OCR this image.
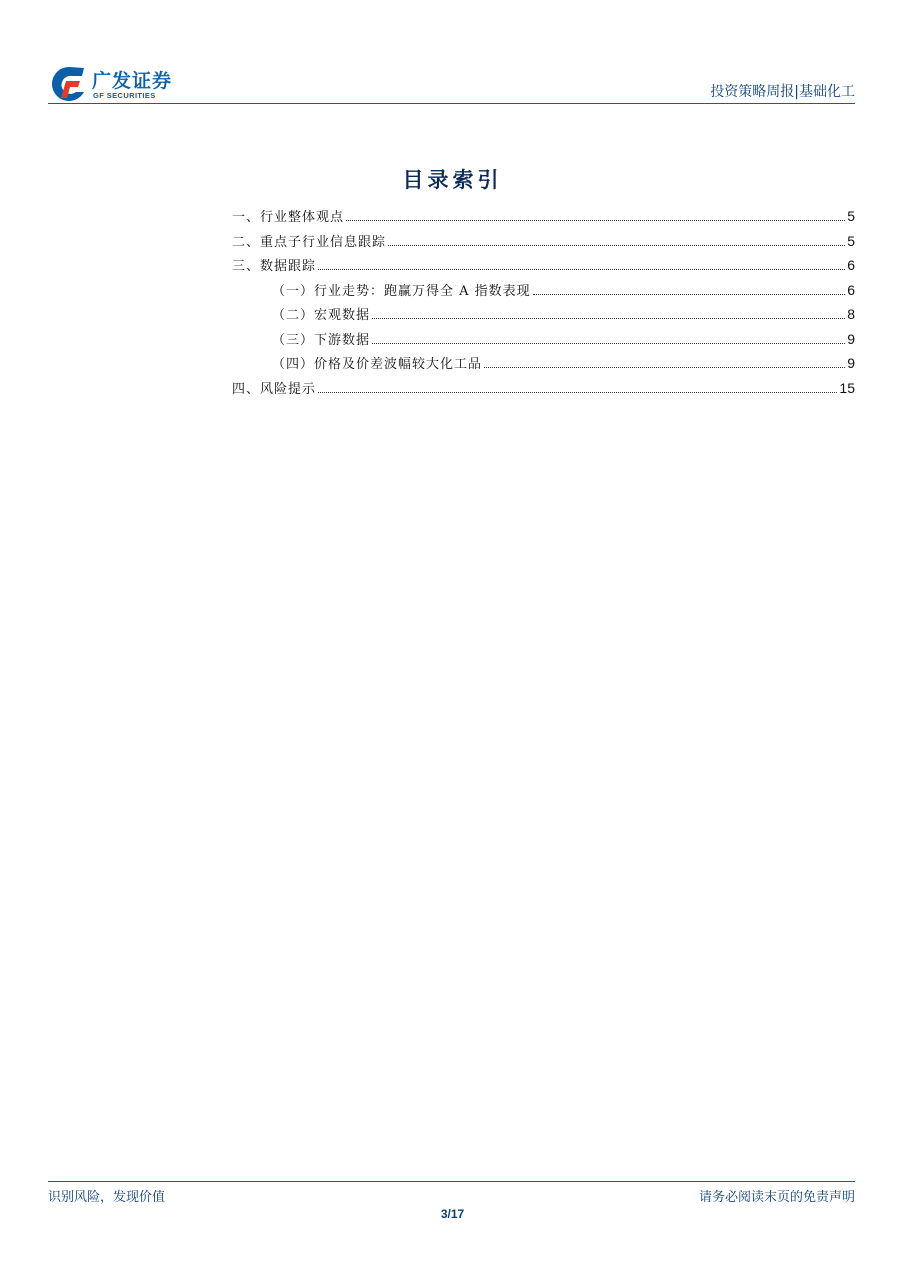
广发证券
GF SECURITIES	投资策略周报|基础化工
目录索引
一、行业整体观点	5
二、重点子行业信息跟踪	5
三、数据跟踪	6
（一）行业走势：跑赢万得全 A 指数表现	6
（二）宏观数据	8
（三）下游数据	9
（四）价格及价差波幅较大化工品	9
四、风险提示	15
识别风险，发现价值	请务必阅读末页的免责声明
3/17
